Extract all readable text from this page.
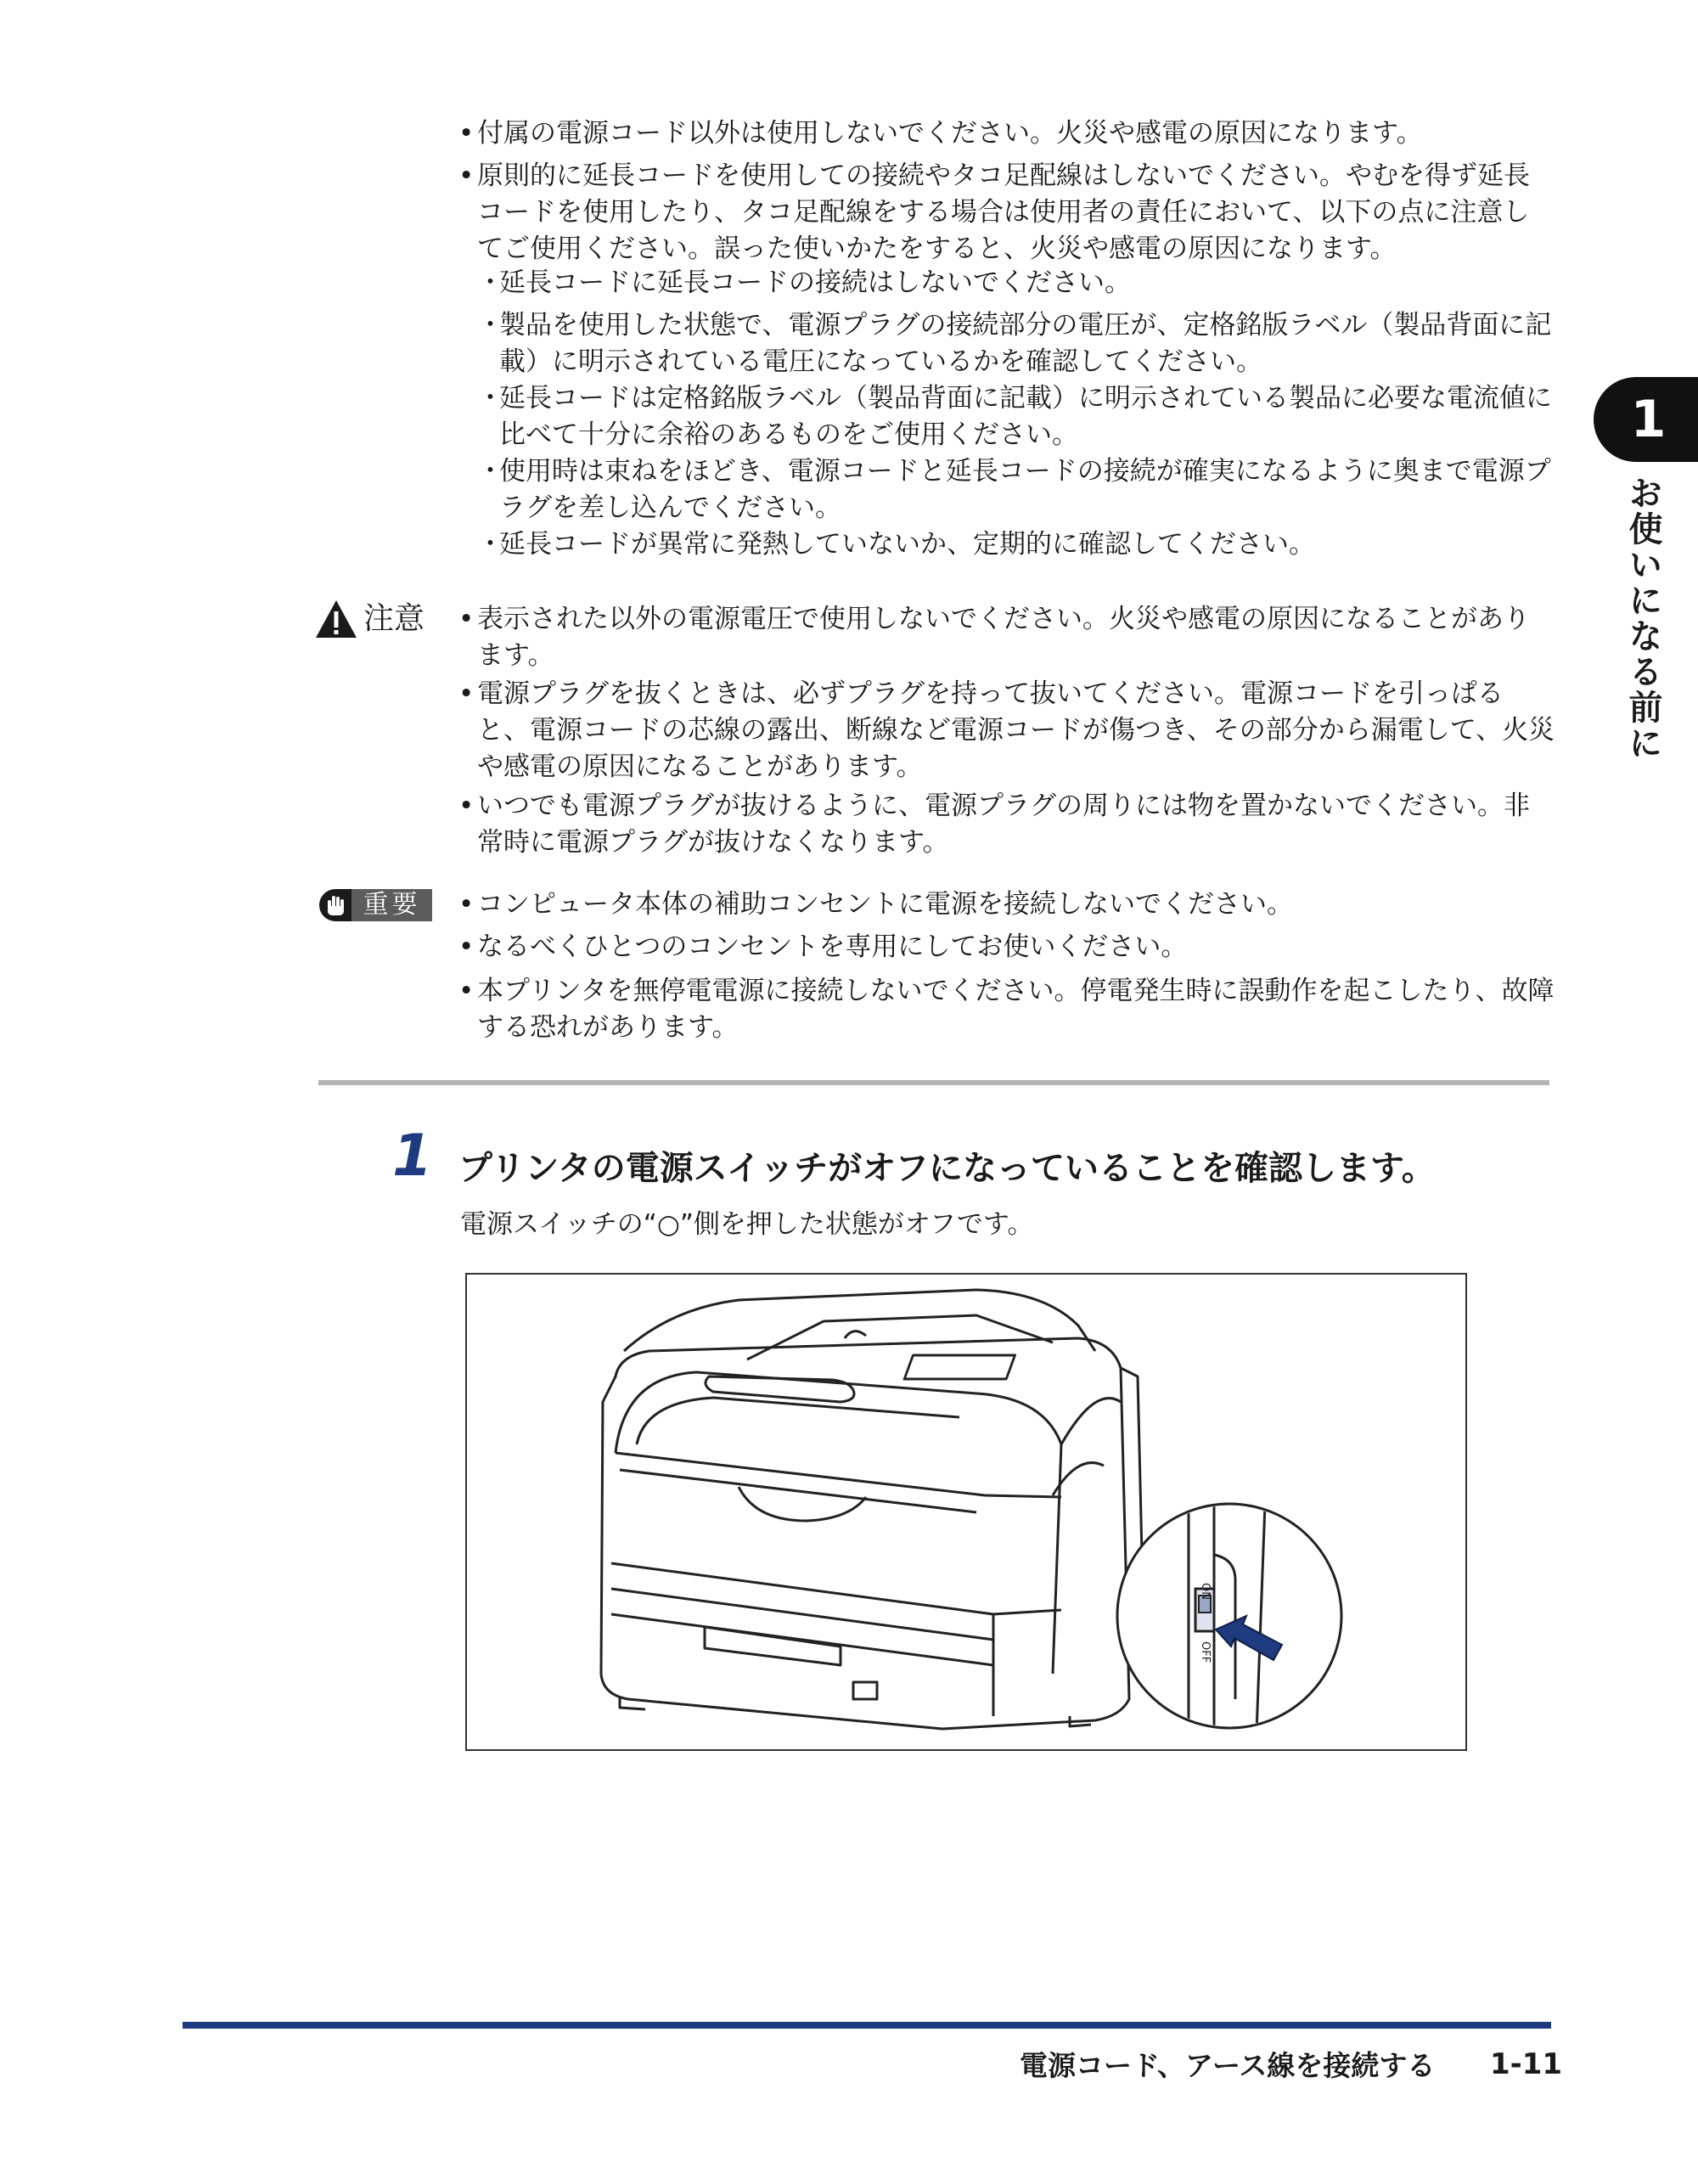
• 付属の電源コード以外は使用しないでください。火災や感電の原因になります。
• 原則的に延長コードを使用しての接続やタコ足配線はしないでください。やむを得ず延長コードを使用したり、タコ足配線をする場合は使用者の責任において、以下の点に注意してご使用ください。誤った使いかたをすると、火災や感電の原因になります。
・
延長コードに延長コードの接続はしないでください。
・
製品を使用した状態で、電源プラグの接続部分の電圧が、定格銘版ラベル（製品背面に記載）に明示されている電圧になっているかを確認してください。
・
延長コードは定格銘版ラベル（製品背面に記載）に明示されている製品に必要な電流値に比べて十分に余裕のあるものをご使用ください。
・
使用時は束ねをほどき、電源コードと延長コードの接続が確実になるように奥まで電源プラグを差し込んでください。
・
延長コードが異常に発熱していないか、定期的に確認してください。
注意 • 表示された以外の電源電圧で使用しないでください。火災や感電の原因になることがあります。
• 電源プラグを抜くときは、必ずプラグを持って抜いてください。電源コードを引っぱると、電源コードの芯線の露出、断線など電源コードが傷つき、その部分から漏電して、火災や感電の原因になることがあります。
• いつでも電源プラグが抜けるように、電源プラグの周りには物を置かないでください。非常時に電源プラグが抜けなくなります。
重要	• コンピュータ本体の補助コンセントに電源を接続しないでください。
• なるべくひとつのコンセントを専用にしてお使いください。
• 本プリンタを無停電電源に接続しないでください。停電発生時に誤動作を起こしたり、故障する恐れがあります。
1 プリンタの電源スイッチがオフになっていることを確認します。
電源スイッチの“○”側を押した状態がオフです。
ON
OFF
1
お使いになる前に
電源コード、アース線を接続する 1-11
